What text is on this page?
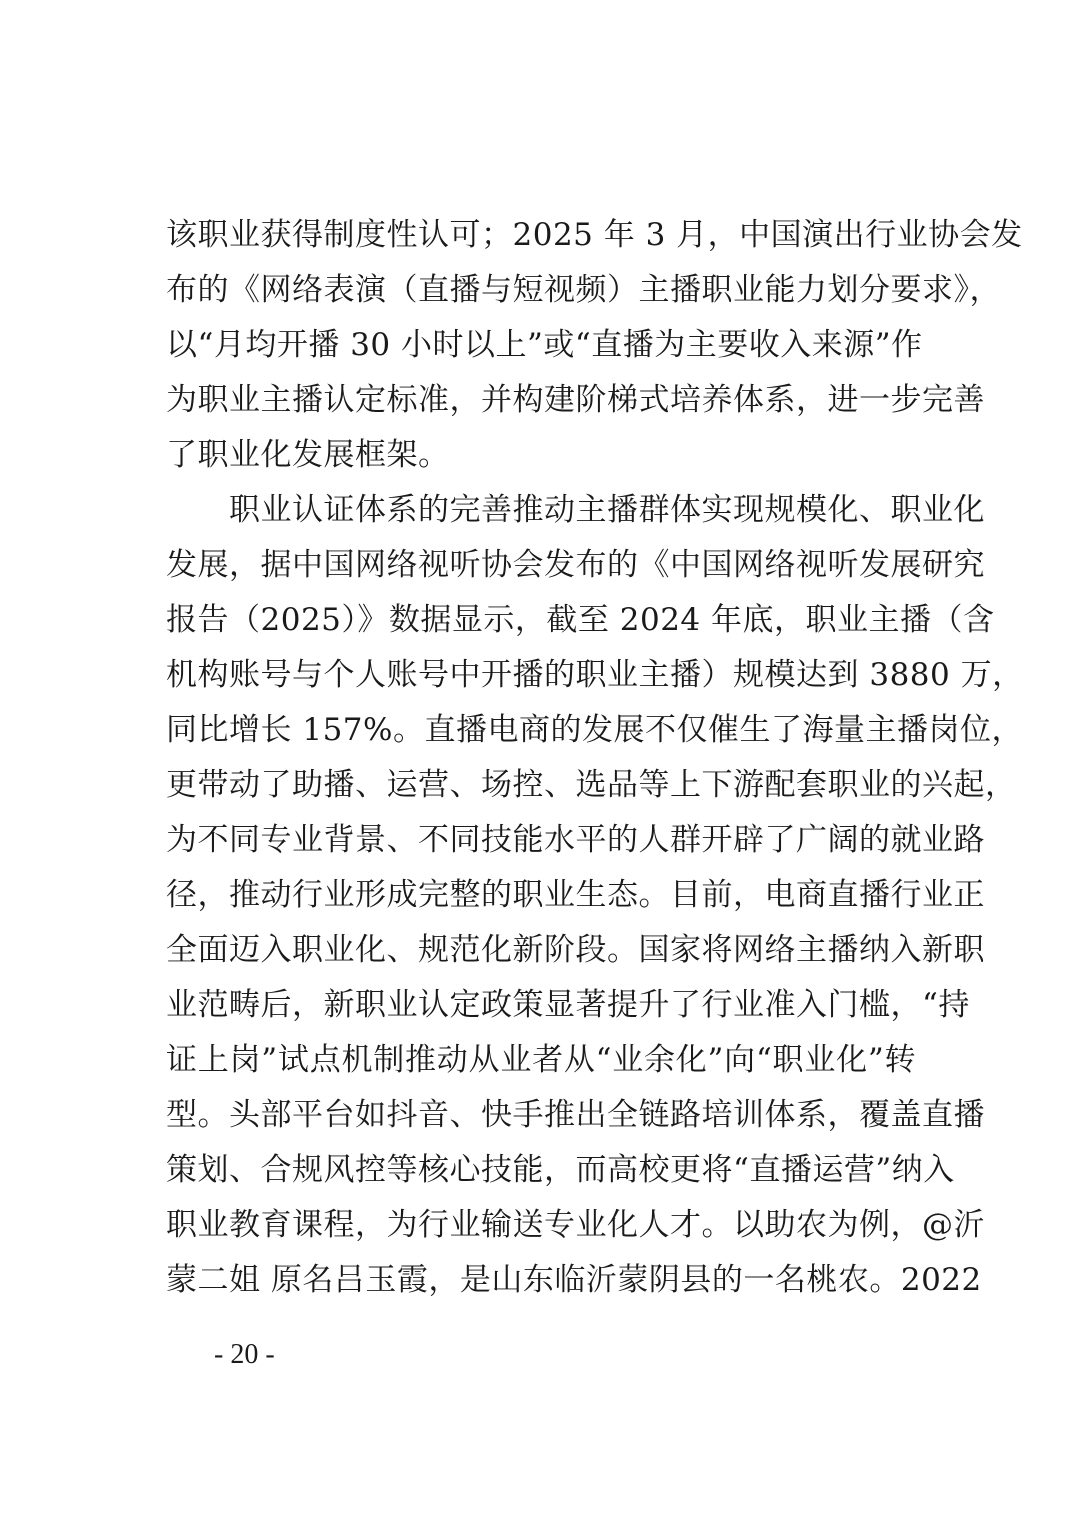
该职业获得制度性认可；2025 年 3 月，中国演出行业协会发
布的《网络表演（直播与短视频）主播职业能力划分要求》，
以“月均开播 30 小时以上”或“直播为主要收入来源”作
为职业主播认定标准，并构建阶梯式培养体系，进一步完善
了职业化发展框架。
　　职业认证体系的完善推动主播群体实现规模化、职业化
发展，据中国网络视听协会发布的《中国网络视听发展研究
报告（2025）》数据显示，截至 2024 年底，职业主播（含
机构账号与个人账号中开播的职业主播）规模达到 3880 万，
同比增长 157%。直播电商的发展不仅催生了海量主播岗位，
更带动了助播、运营、场控、选品等上下游配套职业的兴起，
为不同专业背景、不同技能水平的人群开辟了广阔的就业路
径，推动行业形成完整的职业生态。目前，电商直播行业正
全面迈入职业化、规范化新阶段。国家将网络主播纳入新职
业范畴后，新职业认定政策显著提升了行业准入门槛，“持
证上岗”试点机制推动从业者从“业余化”向“职业化”转
型。头部平台如抖音、快手推出全链路培训体系，覆盖直播
策划、合规风控等核心技能，而高校更将“直播运营”纳入
职业教育课程，为行业输送专业化人才。以助农为例，@沂
蒙二姐 原名吕玉霞，是山东临沂蒙阴县的一名桃农。2022
- 20 -
